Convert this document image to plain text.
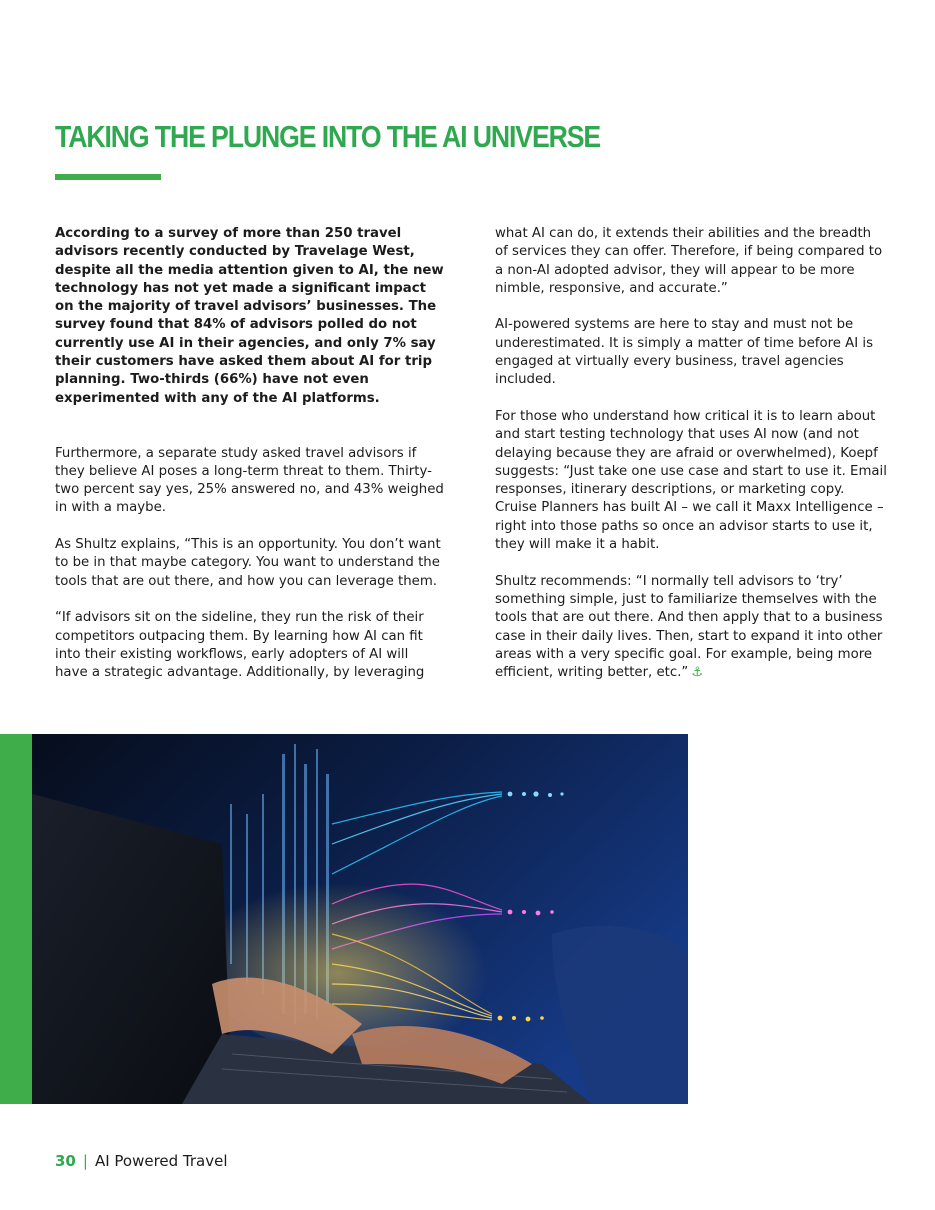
TAKING THE PLUNGE INTO THE AI UNIVERSE

According to a survey of more than 250 travel advisors recently conducted by Travelage West, despite all the media attention given to AI, the new technology has not yet made a significant impact on the majority of travel advisors’ businesses. The survey found that 84% of advisors polled do not currently use AI in their agencies, and only 7% say their customers have asked them about AI for trip planning. Two-thirds (66%) have not even experimented with any of the AI platforms.

Furthermore, a separate study asked travel advisors if they believe AI poses a long-term threat to them. Thirty-two percent say yes, 25% answered no, and 43% weighed in with a maybe.

As Shultz explains, “This is an opportunity. You don’t want to be in that maybe category. You want to understand the tools that are out there, and how you can leverage them.

“If advisors sit on the sideline, they run the risk of their competitors outpacing them. By learning how AI can fit into their existing workflows, early adopters of AI will have a strategic advantage. Additionally, by leveraging

what AI can do, it extends their abilities and the breadth of services they can offer. Therefore, if being compared to a non-AI adopted advisor, they will appear to be more nimble, responsive, and accurate.”

AI-powered systems are here to stay and must not be underestimated. It is simply a matter of time before AI is engaged at virtually every business, travel agencies included.

For those who understand how critical it is to learn about and start testing technology that uses AI now (and not delaying because they are afraid or overwhelmed), Koepf suggests: “Just take one use case and start to use it. Email responses, itinerary descriptions, or marketing copy. Cruise Planners has built AI – we call it Maxx Intelligence – right into those paths so once an advisor starts to use it, they will make it a habit.

Shultz recommends: “I normally tell advisors to ‘try’ something simple, just to familiarize themselves with the tools that are out there. And then apply that to a business case in their daily lives. Then, start to expand it into other areas with a very specific goal. For example, being more efficient, writing better, etc.” ⚓

30 | AI Powered Travel
